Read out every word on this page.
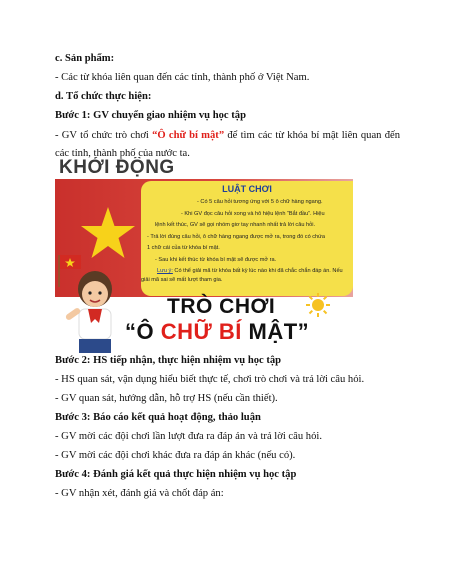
c. Sản phẩm:
- Các từ khóa liên quan đến các tỉnh, thành phố ở Việt Nam.
d. Tổ chức thực hiện:
Bước 1: GV chuyển giao nhiệm vụ học tập
- GV tổ chức trò chơi “Ô chữ bí mật” để tìm các từ khóa bí mật liên quan đến các tỉnh, thành phố của nước ta.
KHỞI ĐỘNG
LUẬT CHƠI
- Có 5 câu hỏi tương ứng với 5 ô chữ hàng ngang.
- Khi GV đọc câu hỏi xong và hô hiệu lệnh “Bắt đầu”. Hiệu
lệnh kết thúc, GV sẽ gọi nhóm giơ tay nhanh nhất trả lời câu hỏi.
- Trả lời đúng câu hỏi, ô chữ hàng ngang được mở ra, trong đó có chứa
1 chữ cái của từ khóa bí mật.
- Sau khi kết thúc từ khóa bí mật sẽ được mở ra.
Lưu ý: Có thể giải mã từ khóa bất kỳ lúc nào khi đã chắc chắn đáp án. Nếu
giải mã sai sẽ mất lượt tham gia.
TRÒ CHƠI
“Ô CHỮ BÍ MẬT”
Bước 2: HS tiếp nhận, thực hiện nhiệm vụ học tập
- HS quan sát, vận dụng hiểu biết thực tế, chơi trò chơi và trả lời câu hỏi.
- GV quan sát, hướng dẫn, hỗ trợ HS (nếu cần thiết).
Bước 3: Báo cáo kết quả hoạt động, thảo luận
- GV mời các đội chơi lần lượt đưa ra đáp án và trả lời câu hỏi.
- GV mời các đội chơi khác đưa ra đáp án khác (nếu có).
Bước 4: Đánh giá kết quả thực hiện nhiệm vụ học tập
- GV nhận xét, đánh giá và chốt đáp án:
